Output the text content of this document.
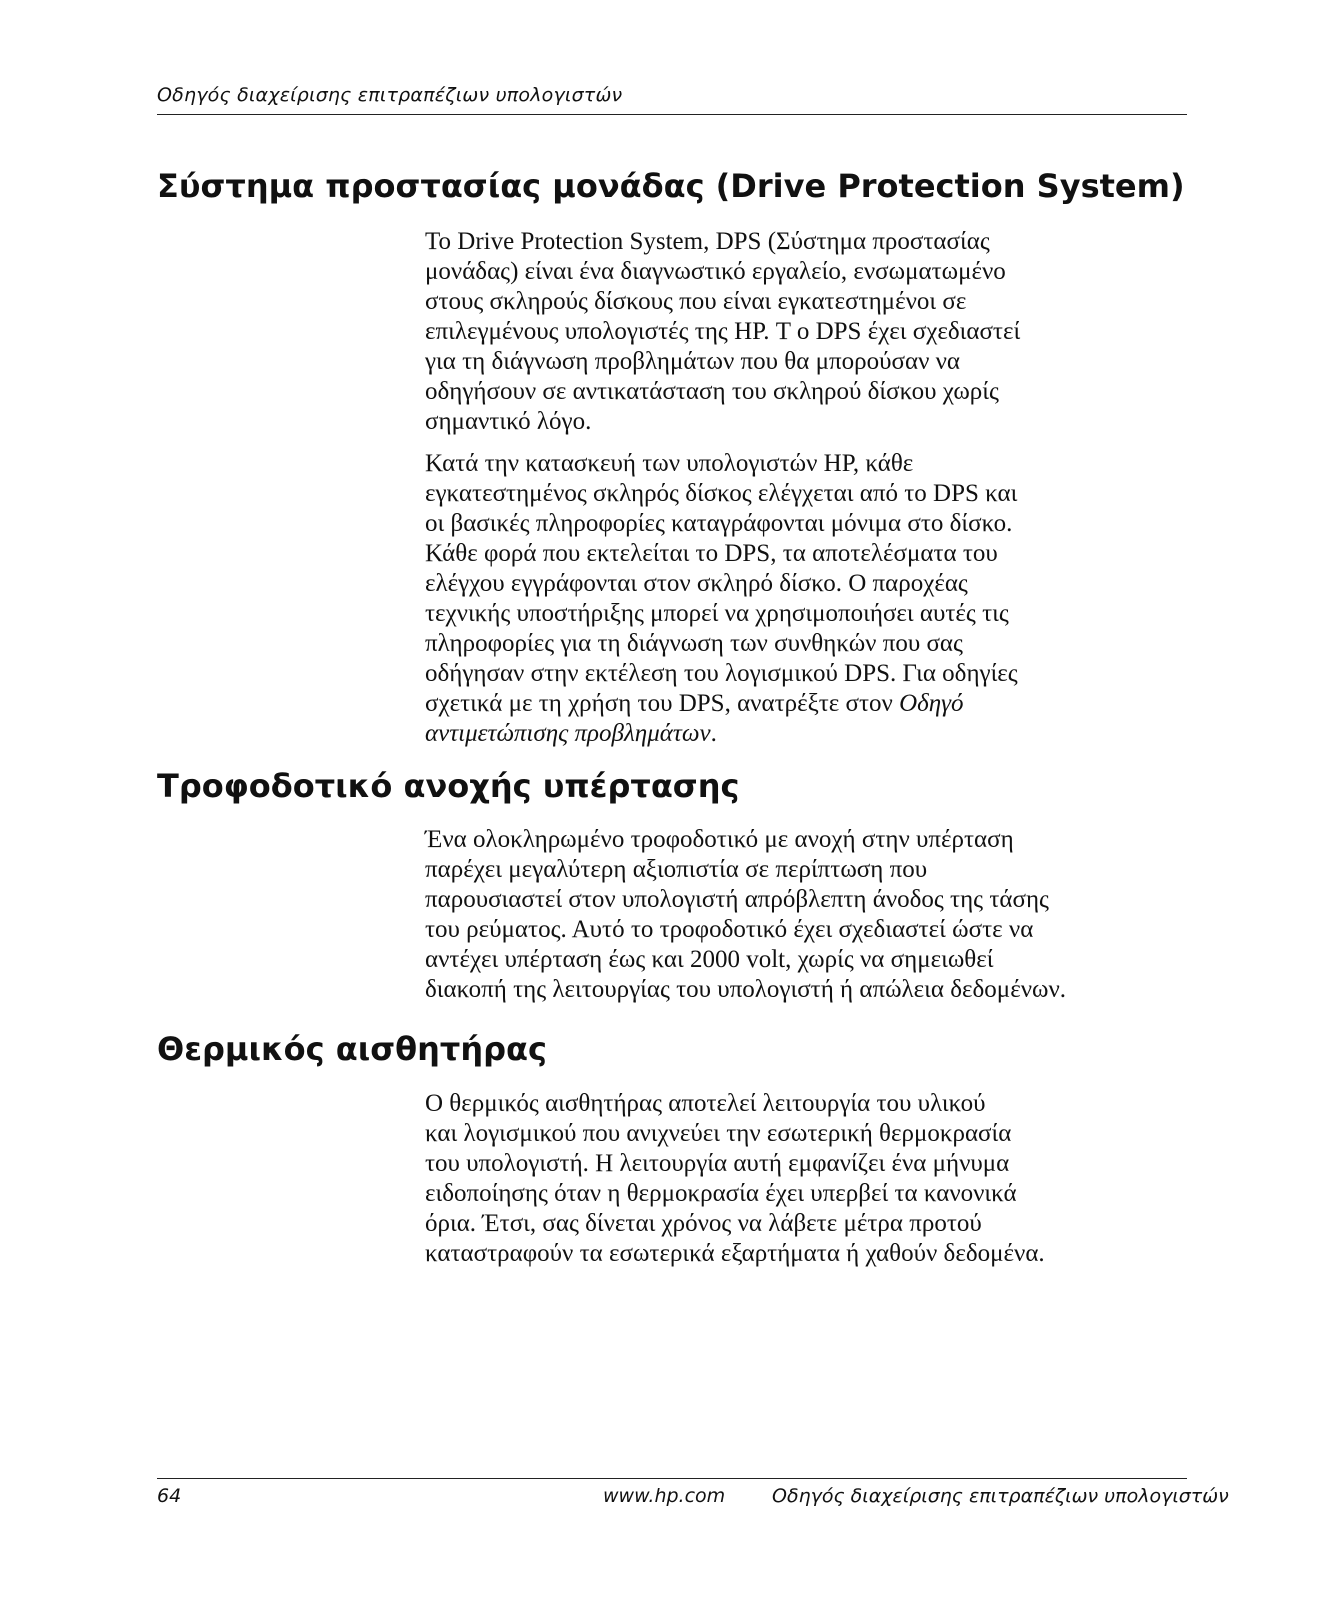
Οδηγός διαχείρισης επιτραπέζιων υπολογιστών
Σύστημα προστασίας μονάδας (Drive Protection System)

Το Drive Protection System, DPS (Σύστημα προστασίας
μονάδας) είναι ένα διαγνωστικό εργαλείο, ενσωματωμένο
στους σκληρούς δίσκους που είναι εγκατεστημένοι σε
επιλεγμένους υπολογιστές της HP. Τ ο DPS έχει σχεδιαστεί
για τη διάγνωση προβλημάτων που θα μπορούσαν να
οδηγήσουν σε αντικατάσταση του σκληρού δίσκου χωρίς
σημαντικό λόγο.

Κατά την κατασκευή των υπολογιστών HP, κάθε
εγκατεστημένος σκληρός δίσκος ελέγχεται από το DPS και
οι βασικές πληροφορίες καταγράφονται μόνιμα στο δίσκο.
Κάθε φορά που εκτελείται το DPS, τα αποτελέσματα του
ελέγχου εγγράφονται στον σκληρό δίσκο. Ο παροχέας
τεχνικής υποστήριξης μπορεί να χρησιμοποιήσει αυτές τις
πληροφορίες για τη διάγνωση των συνθηκών που σας
οδήγησαν στην εκτέλεση του λογισμικού DPS. Για οδηγίες
σχετικά με τη χρήση του DPS, ανατρέξτε στον Οδηγό
αντιμετώπισης προβλημάτων.

Τροφοδοτικό ανοχής υπέρτασης

Ένα ολοκληρωμένο τροφοδοτικό με ανοχή στην υπέρταση
παρέχει μεγαλύτερη αξιοπιστία σε περίπτωση που
παρουσιαστεί στον υπολογιστή απρόβλεπτη άνοδος της τάσης
του ρεύματος. Αυτό το τροφοδοτικό έχει σχεδιαστεί ώστε να
αντέχει υπέρταση έως και 2000 volt, χωρίς να σημειωθεί
διακοπή της λειτουργίας του υπολογιστή ή απώλεια δεδομένων.

Θερμικός αισθητήρας

Ο θερμικός αισθητήρας αποτελεί λειτουργία του υλικού
και λογισμικού που ανιχνεύει την εσωτερική θερμοκρασία
του υπολογιστή. Η λειτουργία αυτή εμφανίζει ένα μήνυμα
ειδοποίησης όταν η θερμοκρασία έχει υπερβεί τα κανονικά
όρια. Έτσι, σας δίνεται χρόνος να λάβετε μέτρα προτού
καταστραφούν τα εσωτερικά εξαρτήματα ή χαθούν δεδομένα.

64	www.hp.com Οδηγός διαχείρισης επιτραπέζιων υπολογιστών
